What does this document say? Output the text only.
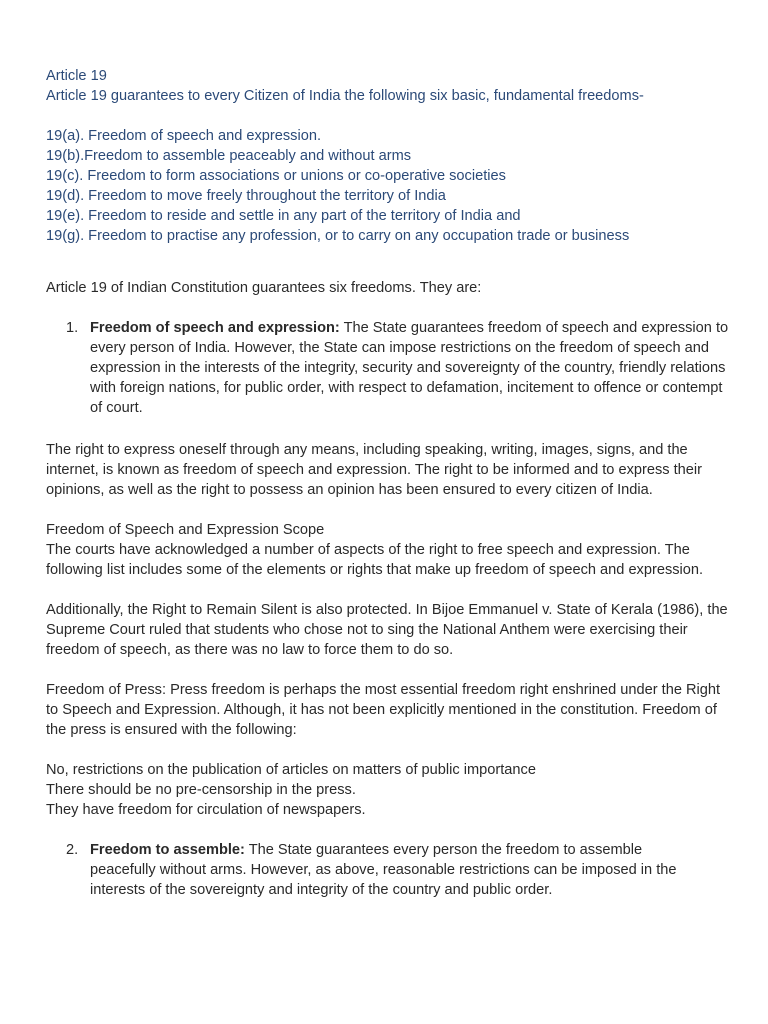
Article 19
Article 19 guarantees to every Citizen of India the following six basic, fundamental freedoms-
19(a). Freedom of speech and expression.
19(b).Freedom to assemble peaceably and without arms
19(c). Freedom to form associations or unions or co-operative societies
19(d). Freedom to move freely throughout the territory of India
19(e). Freedom to reside and settle in any part of the territory of India and
19(g). Freedom to practise any profession, or to carry on any occupation trade or business

Article 19 of Indian Constitution guarantees six freedoms. They are:

1. Freedom of speech and expression: The State guarantees freedom of speech and expression to every person of India. However, the State can impose restrictions on the freedom of speech and expression in the interests of the integrity, security and sovereignty of the country, friendly relations with foreign nations, for public order, with respect to defamation, incitement to offence or contempt of court.

The right to express oneself through any means, including speaking, writing, images, signs, and the internet, is known as freedom of speech and expression. The right to be informed and to express their opinions, as well as the right to possess an opinion has been ensured to every citizen of India.

Freedom of Speech and Expression Scope

The courts have acknowledged a number of aspects of the right to free speech and expression. The following list includes some of the elements or rights that make up freedom of speech and expression.

Additionally, the Right to Remain Silent is also protected. In Bijoe Emmanuel v. State of Kerala (1986), the Supreme Court ruled that students who chose not to sing the National Anthem were exercising their freedom of speech, as there was no law to force them to do so.

Freedom of Press: Press freedom is perhaps the most essential freedom right enshrined under the Right to Speech and Expression. Although, it has not been explicitly mentioned in the constitution. Freedom of the press is ensured with the following:

No, restrictions on the publication of articles on matters of public importance
There should be no pre-censorship in the press.
They have freedom for circulation of newspapers.
2. Freedom to assemble: The State guarantees every person the freedom to assemble peacefully without arms. However, as above, reasonable restrictions can be imposed in the interests of the sovereignty and integrity of the country and public order.
